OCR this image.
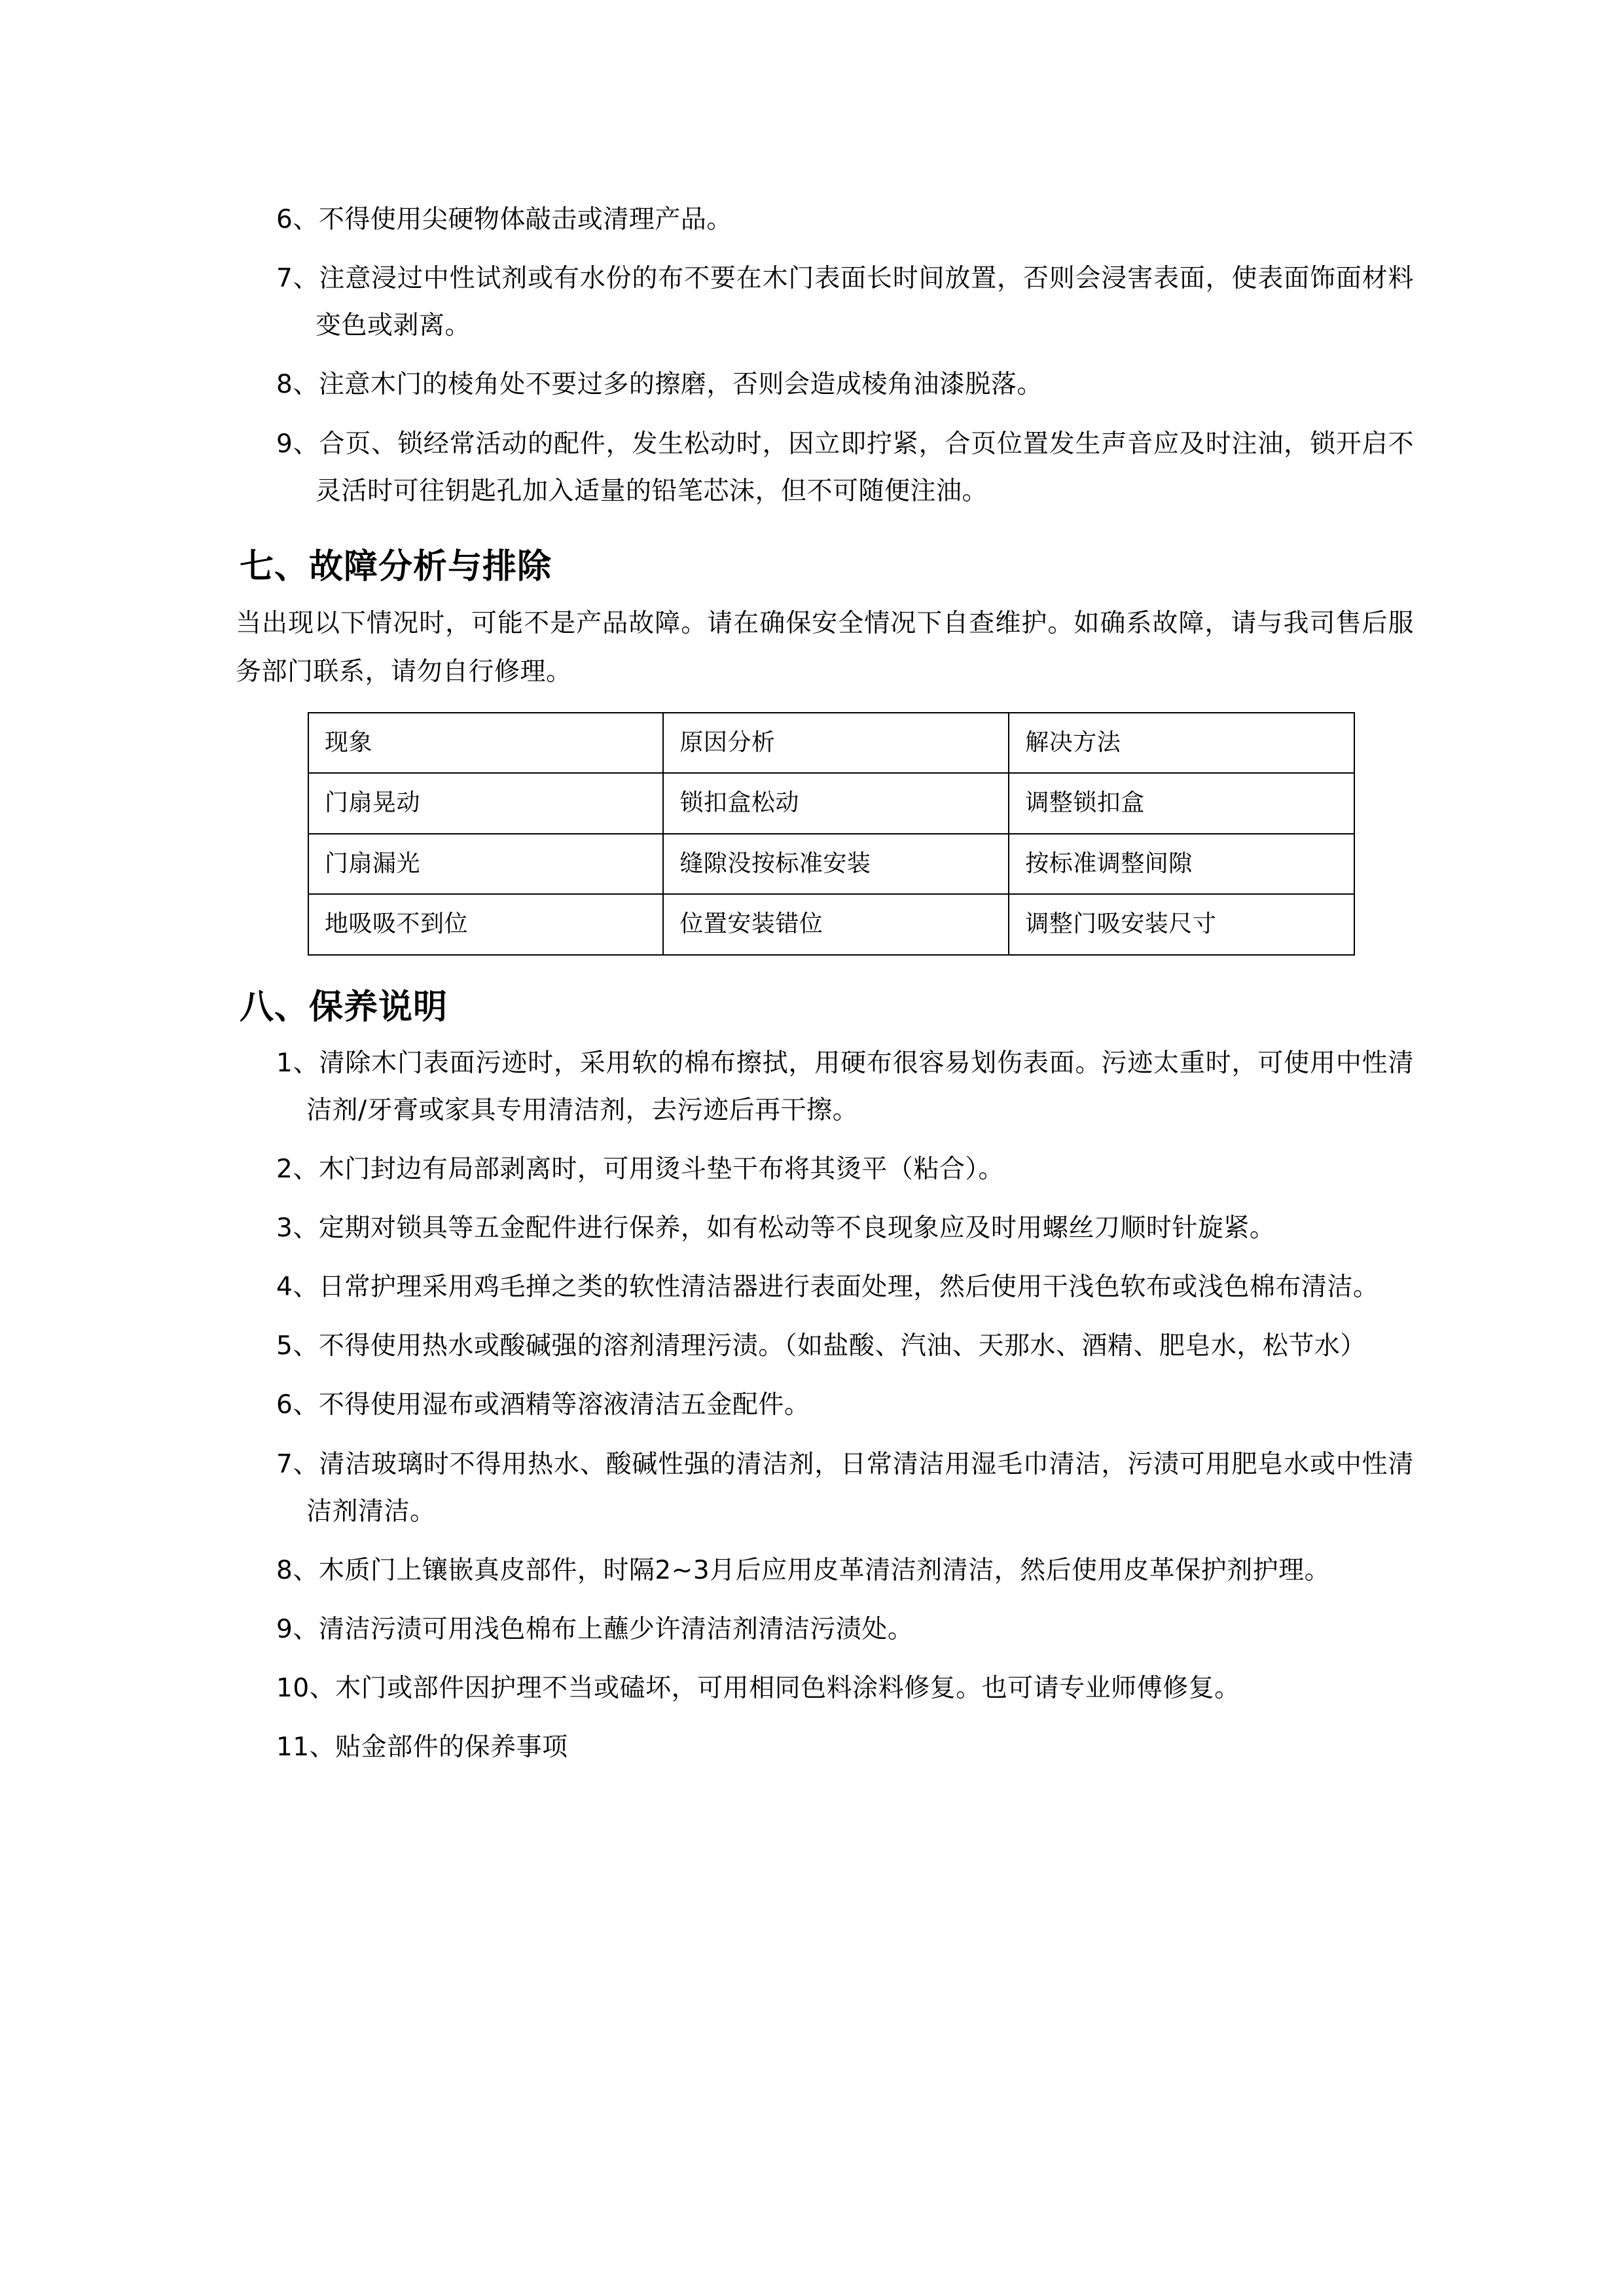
6、不得使用尖硬物体敲击或清理产品。
7、注意浸过中性试剂或有水份的布不要在木门表面长时间放置，否则会浸害表面，使表面饰面材料变色或剥离。
8、注意木门的棱角处不要过多的擦磨，否则会造成棱角油漆脱落。
9、合页、锁经常活动的配件，发生松动时，因立即拧紧，合页位置发生声音应及时注油，锁开启不灵活时可往钥匙孔加入适量的铅笔芯沫，但不可随便注油。
七、故障分析与排除

当出现以下情况时，可能不是产品故障。请在确保安全情况下自查维护。如确系故障，请与我司售后服务部门联系，请勿自行修理。

现象	原因分析	解决方法
门扇晃动	锁扣盒松动	调整锁扣盒
门扇漏光	缝隙没按标准安装	按标准调整间隙
地吸吸不到位	位置安装错位	调整门吸安装尺寸
八、保养说明
1、清除木门表面污迹时，采用软的棉布擦拭，用硬布很容易划伤表面。污迹太重时，可使用中性清洁剂/牙膏或家具专用清洁剂，去污迹后再干擦。
2、木门封边有局部剥离时，可用烫斗垫干布将其烫平（粘合）。
3、定期对锁具等五金配件进行保养，如有松动等不良现象应及时用螺丝刀顺时针旋紧。
4、日常护理采用鸡毛掸之类的软性清洁器进行表面处理，然后使用干浅色软布或浅色棉布清洁。
5、不得使用热水或酸碱强的溶剂清理污渍。（如盐酸、汽油、天那水、酒精、肥皂水，松节水）
6、不得使用湿布或酒精等溶液清洁五金配件。
7、清洁玻璃时不得用热水、酸碱性强的清洁剂，日常清洁用湿毛巾清洁，污渍可用肥皂水或中性清洁剂清洁。
8、木质门上镶嵌真皮部件，时隔2~3月后应用皮革清洁剂清洁，然后使用皮革保护剂护理。
9、清洁污渍可用浅色棉布上蘸少许清洁剂清洁污渍处。
10、木门或部件因护理不当或磕坏，可用相同色料涂料修复。也可请专业师傅修复。
11、贴金部件的保养事项
